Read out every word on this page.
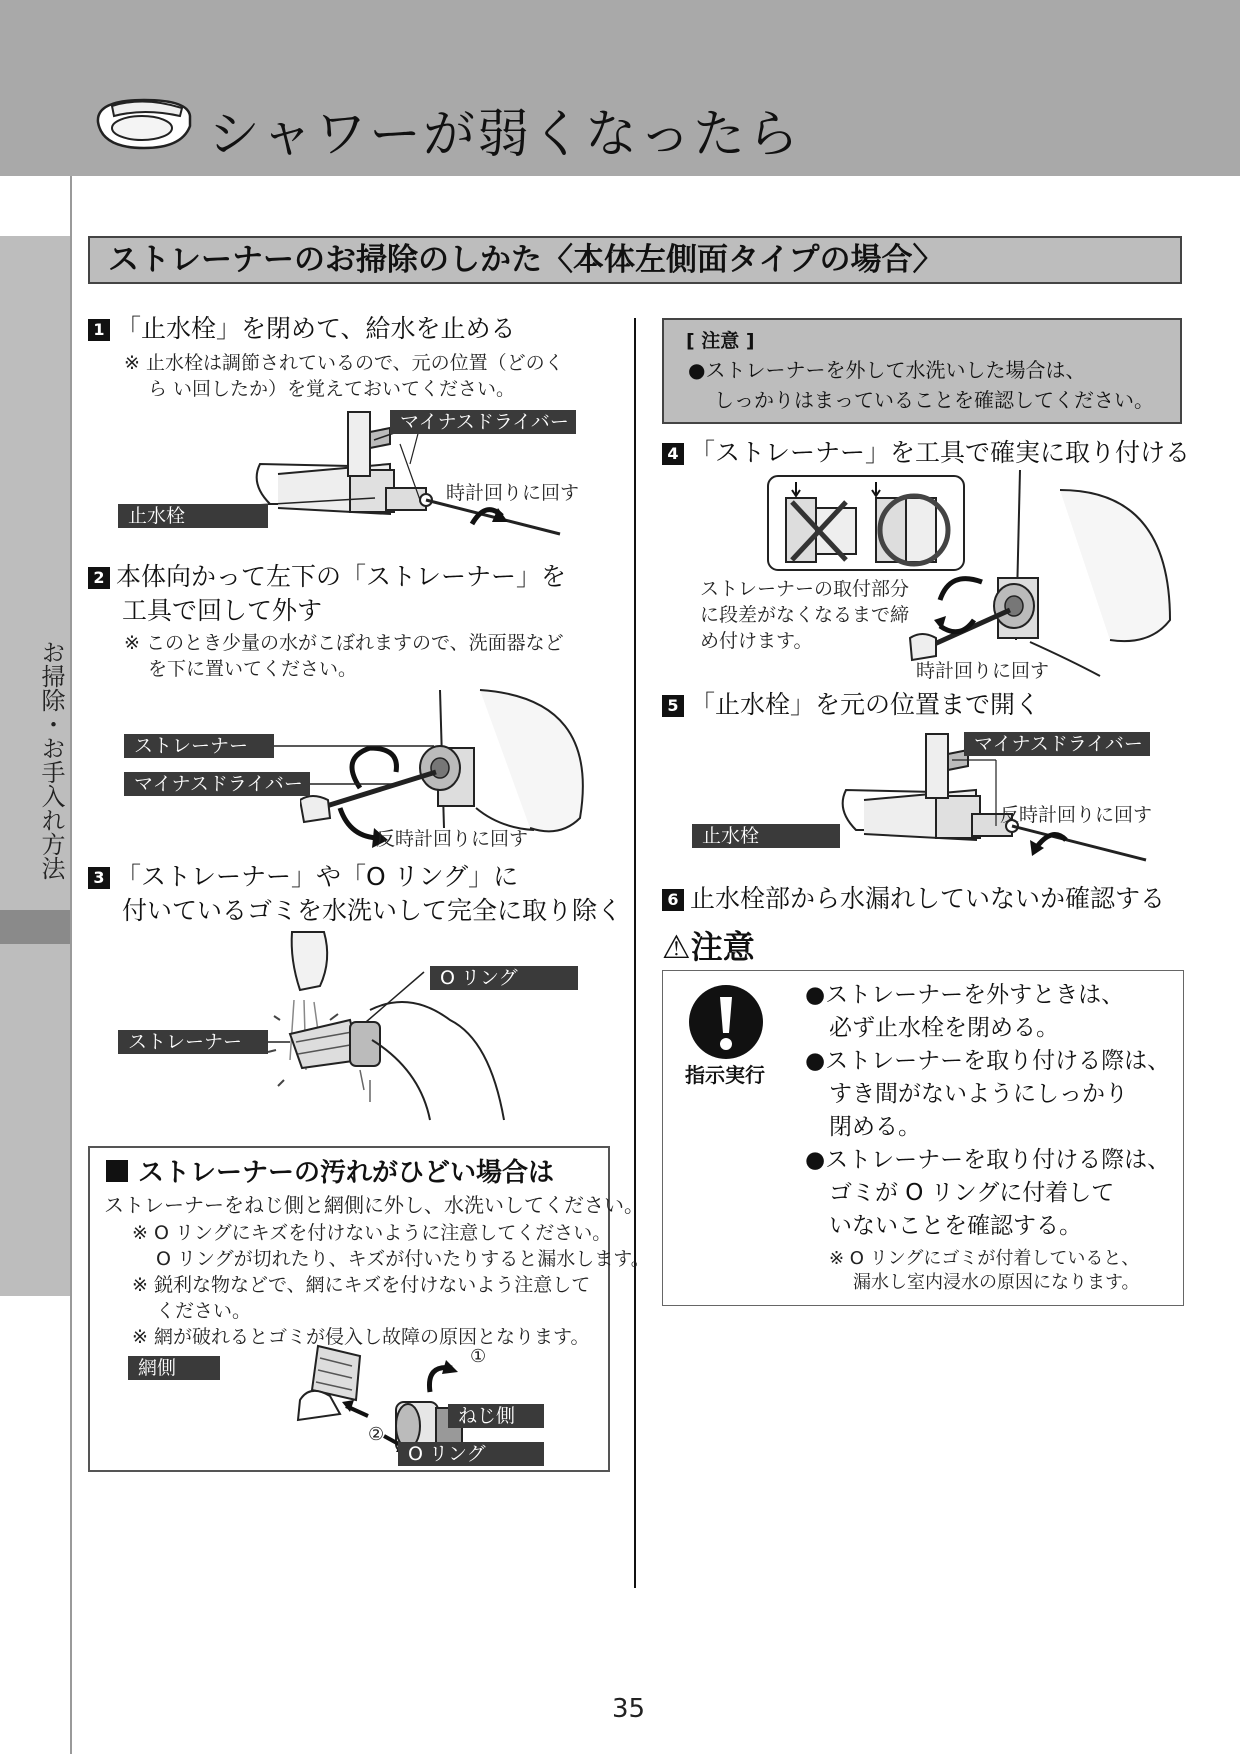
シャワーが弱くなったら
お掃除・お手入れ方法
ストレーナーのお掃除のしかた〈本体左側面タイプの場合〉
1 「止水栓」を閉めて、給水を止める
※ 止水栓は調節されているので、元の位置（どのく
ら い回したか）を覚えておいてください。
マイナスドライバー
止水栓
時計回りに回す
2 本体向かって左下の「ストレーナー」を
工具で回して外す
※ このとき少量の水がこぼれますので、洗面器など
を下に置いてください。
ストレーナー
マイナスドライバー
反時計回りに回す
3 「ストレーナー」や「O リング」に
付いているゴミを水洗いして完全に取り除く
O リング
ストレーナー
ストレーナーの汚れがひどい場合は
ストレーナーをねじ側と網側に外し、水洗いしてください。
※ O リングにキズを付けないように注意してください。
O リングが切れたり、キズが付いたりすると漏水します。
※ 鋭利な物などで、網にキズを付けないよう注意して
ください。
※ 網が破れるとゴミが侵入し故障の原因となります。
①
②
網側
ねじ側
O リング
[ 注意 ]
●ストレーナーを外して水洗いした場合は、
しっかりはまっていることを確認してください。
4 「ストレーナー」を工具で確実に取り付ける
ストレーナーの取付部分
に段差がなくなるまで締
め付けます。
時計回りに回す
5 「止水栓」を元の位置まで開く
マイナスドライバー
止水栓
反時計回りに回す
6 止水栓部から水漏れしていないか確認する
⚠注意
指示実行
●ストレーナーを外すときは、
必ず止水栓を閉める。
●ストレーナーを取り付ける際は、
すき間がないようにしっかり
閉める。
●ストレーナーを取り付ける際は、
ゴミが O リングに付着して
いないことを確認する。
※ O リングにゴミが付着していると、
漏水し室内浸水の原因になります。
35
